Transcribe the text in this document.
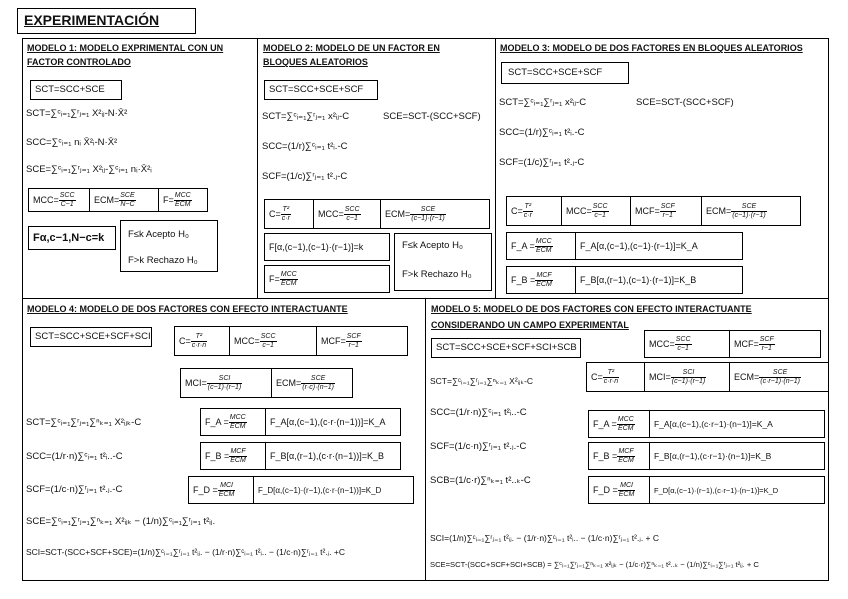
EXPERIMENTACIÓN
MODELO 1: MODELO EXPRIMENTAL CON UN
FACTOR CONTROLADO
SCT=SCC+SCE
SCT=∑ᶜᵢ₌₁∑ʳⱼ₌₁ X²ᵢⱼ-N·X̄²
SCC=∑ᶜᵢ₌₁ nᵢ X̄²ᵢ-N·X̄²
SCE=∑ᶜᵢ₌₁∑ʳⱼ₌₁ X²ᵢⱼ-∑ᶜᵢ₌₁ nᵢ·X̄²ᵢ
$MCC= \frac{\text{SCC}}{C-1} ECM= \frac{\text{SCE}}{N-C}$	$F= \frac{\text{MCC}}{\text{ECM}}$
Fα,c−1,N−c=k	F≤k Acepto H₀
F>k Rechazo H₀
MODELO 2: MODELO DE UN FACTOR EN
BLOQUES ALEATORIOS
SCT=SCC+SCE+SCF
SCT=∑ᶜᵢ₌₁∑ʳⱼ₌₁ x²ᵢⱼ-C	SCE=SCT-(SCC+SCF)
SCC=(1/r)∑ᶜᵢ₌₁ t²ᵢ.-C
SCF=(1/c)∑ʳⱼ₌₁ t².ⱼ-C
$C= \frac{\text{T²}}{c\cdot r}$	$MCC= \frac{\text{SCC}}{c-1}$	$ECM= \frac{\text{SCE}}{(c-1)\cdot(r-1)}$
F[α,(c−1),(c−1)·(r−1)]=k
$F= \frac{\text{MCC}}{\text{ECM}}$
F≤k Acepto H₀
F>k Rechazo H₀
MODELO 3: MODELO DE DOS FACTORES EN BLOQUES ALEATORIOS
SCT=SCC+SCE+SCF
SCT=∑ᶜᵢ₌₁∑ʳⱼ₌₁ x²ᵢⱼ-C	SCE=SCT-(SCC+SCF)
SCC=(1/r)∑ᶜᵢ₌₁ t²ᵢ.-C
SCF=(1/c)∑ʳⱼ₌₁ t².ⱼ-C
$C= \frac{\text{T²}}{c\cdot r}$	$MCC= \frac{\text{SCC}}{c-1}$	$MCF= \frac{\text{SCF}}{r-1}$	$ECM= \frac{\text{SCE}}{(c-1)\cdot(r-1)}$
F_A = $\frac{\text{MCC}}{\text{ECM}}$	F_A[α,(c−1),(c−1)·(r−1)]=K_A
F_B = $\frac{\text{MCF}}{\text{ECM}}$	F_B[α,(r−1),(c−1)·(r−1)]=K_B
MODELO 4: MODELO DE DOS FACTORES CON EFECTO INTERACTUANTE
SCT=SCC+SCE+SCF+SCI	$C= \frac{\text{T²}}{c\cdot r\cdot n}$	$MCC= \frac{\text{SCC}}{c-1}$	$MCF= \frac{\text{SCF}}{r-1}$
$MCI= \frac{\text{SCI}}{(c-1)\cdot(r-1)}$	$ECM= \frac{\text{SCE}}{(r\cdot c)\cdot(n-1)}$
SCT=∑ᶜᵢ₌₁∑ʳⱼ₌₁∑ⁿₖ₌₁ X²ᵢⱼₖ-C
SCC=(1/r·n)∑ᶜᵢ₌₁ t²ᵢ..-C
SCF=(1/c·n)∑ʳⱼ₌₁ t².ⱼ.-C
F_A = $\frac{\text{MCC}}{\text{ECM}}$	F_A[α,(c−1),(c·r·(n−1))]=K_A
F_B = $\frac{\text{MCF}}{\text{ECM}}$	F_B[α,(r−1),(c·r·(n−1))]=K_B
F_D = $\frac{\text{MCI}}{\text{ECM}}$	F_D[α,(c−1)·(r−1),(c·r·(n−1))]=K_D
SCE=∑ᶜᵢ₌₁∑ʳⱼ₌₁∑ⁿₖ₌₁ X²ᵢⱼₖ − (1/n)∑ᶜᵢ₌₁∑ʳⱼ₌₁ t²ᵢⱼ.
SCI=SCT-(SCC+SCF+SCE)=(1/n)∑ᶜᵢ₌₁∑ʳⱼ₌₁ t²ᵢⱼ. − (1/r·n)∑ᶜᵢ₌₁ t²ᵢ.. − (1/c·n)∑ʳⱼ₌₁ t².ⱼ. +C
MODELO 5: MODELO DE DOS FACTORES CON EFECTO INTERACTUANTE
CONSIDERANDO UN CAMPO EXPERIMENTAL
SCT=SCC+SCE+SCF+SCI+SCB	$MCC= \frac{\text{SCC}}{c-1}$	$MCF= \frac{\text{SCF}}{r-1}$
$C= \frac{\text{T²}}{c\cdot r\cdot n}$	$MCI= \frac{\text{SCI}}{(c-1)\cdot(r-1)}$	$ECM= \frac{\text{SCE}}{(c\cdot r-1)\cdot(n-1)}$
SCT=∑ᶜᵢ₌₁∑ʳⱼ₌₁∑ⁿₖ₌₁ X²ᵢⱼₖ-C
SCC=(1/r·n)∑ᶜᵢ₌₁ t²ᵢ..-C
SCF=(1/c·n)∑ʳⱼ₌₁ t².ⱼ.-C
SCB=(1/c·r)∑ⁿₖ₌₁ t²..ₖ-C
F_A = $\frac{\text{MCC}}{\text{ECM}}$	F_A[α,(c−1),(c·r−1)·(n−1)]=K_A
F_B = $\frac{\text{MCF}}{\text{ECM}}$	F_B[α,(r−1),(c·r−1)·(n−1)]=K_B
F_D = $\frac{\text{MCI}}{\text{ECM}}$	F_D[α,(c−1)·(r−1),(c·r−1)·(n−1)]=K_D
SCI=(1/n)∑ᶜᵢ₌₁∑ʳⱼ₌₁ t²ᵢⱼ. − (1/r·n)∑ᶜᵢ₌₁ t²ᵢ.. − (1/c·n)∑ʳⱼ₌₁ t².ⱼ. + C
SCE=SCT-(SCC+SCF+SCI+SCB) = ∑ᶜᵢ₌₁∑ʳⱼ₌₁∑ⁿₖ₌₁ x²ᵢⱼₖ − (1/c·r)∑ⁿₖ₌₁ t²..ₖ − (1/n)∑ᶜᵢ₌₁∑ʳⱼ₌₁ t²ᵢⱼ. + C
